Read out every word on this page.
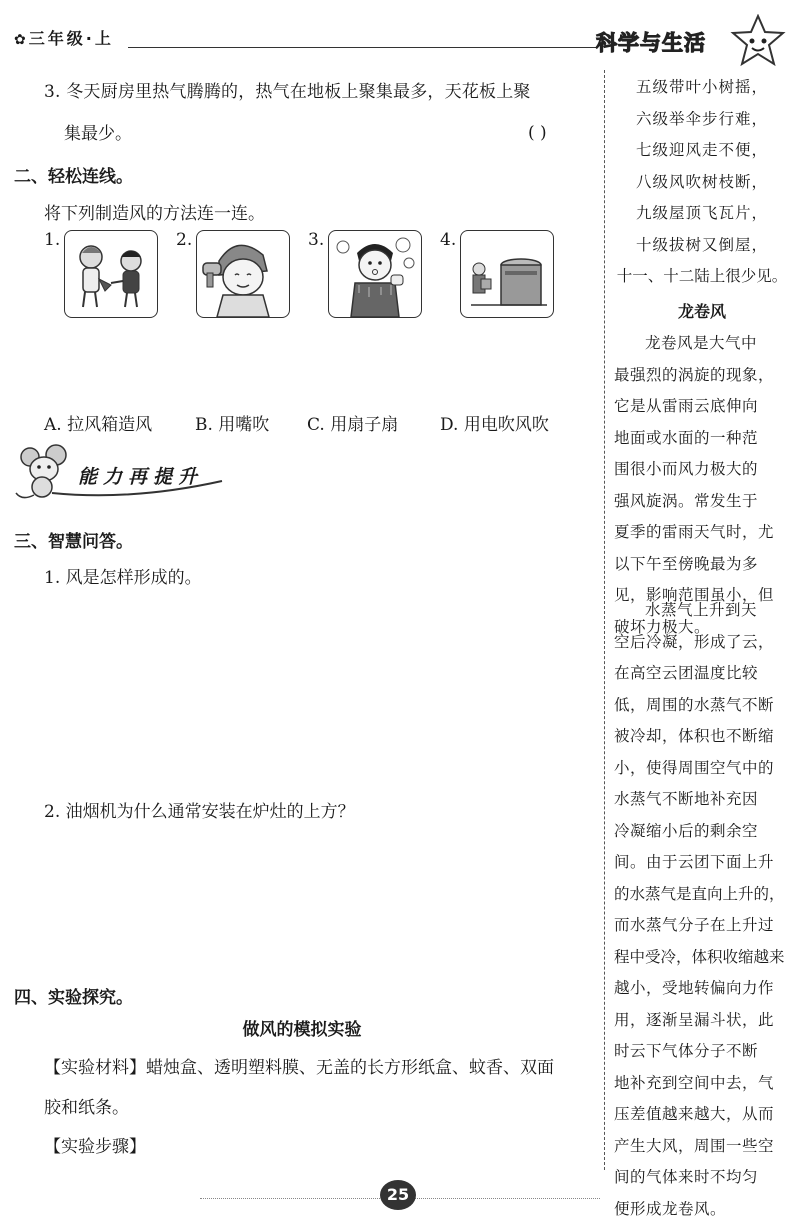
✿三年级·上	科学与生活

五级带叶小树摇，

六级举伞步行难，

七级迎风走不便，

八级风吹树枝断，

九级屋顶飞瓦片，

十级拔树又倒屋，

十一、十二陆上很少见。

龙卷风

龙卷风是大气中

最强烈的涡旋的现象，

它是从雷雨云底伸向

地面或水面的一种范

围很小而风力极大的

强风旋涡。常发生于

夏季的雷雨天气时，尤

以下午至傍晚最为多

见，影响范围虽小，但

破坏力极大。

水蒸气上升到天

空后冷凝，形成了云，

在高空云团温度比较

低，周围的水蒸气不断

被冷却，体积也不断缩

小，使得周围空气中的

水蒸气不断地补充因

冷凝缩小后的剩余空

间。由于云团下面上升

的水蒸气是直向上升的，

而水蒸气分子在上升过

程中受冷，体积收缩越来

越小，受地转偏向力作

用，逐渐呈漏斗状，此

时云下气体分子不断

地补充到空间中去，气

压差值越来越大，从而

产生大风，周围一些空

间的气体来时不均匀

便形成龙卷风。

3. 冬天厨房里热气腾腾的，热气在地板上聚集最多，天花板上聚
集最少。	( )
二、轻松连线。
将下列制造风的方法连一连。
1.	2.	3.	4.
A. 拉风箱造风	B. 用嘴吹 C. 用扇子扇 D. 用电吹风吹
能力再提升
三、智慧问答。
1. 风是怎样形成的。
2. 油烟机为什么通常安装在炉灶的上方？
四、实验探究。
做风的模拟实验
【实验材料】蜡烛盒、透明塑料膜、无盖的长方形纸盒、蚊香、双面
胶和纸条。
【实验步骤】
25
